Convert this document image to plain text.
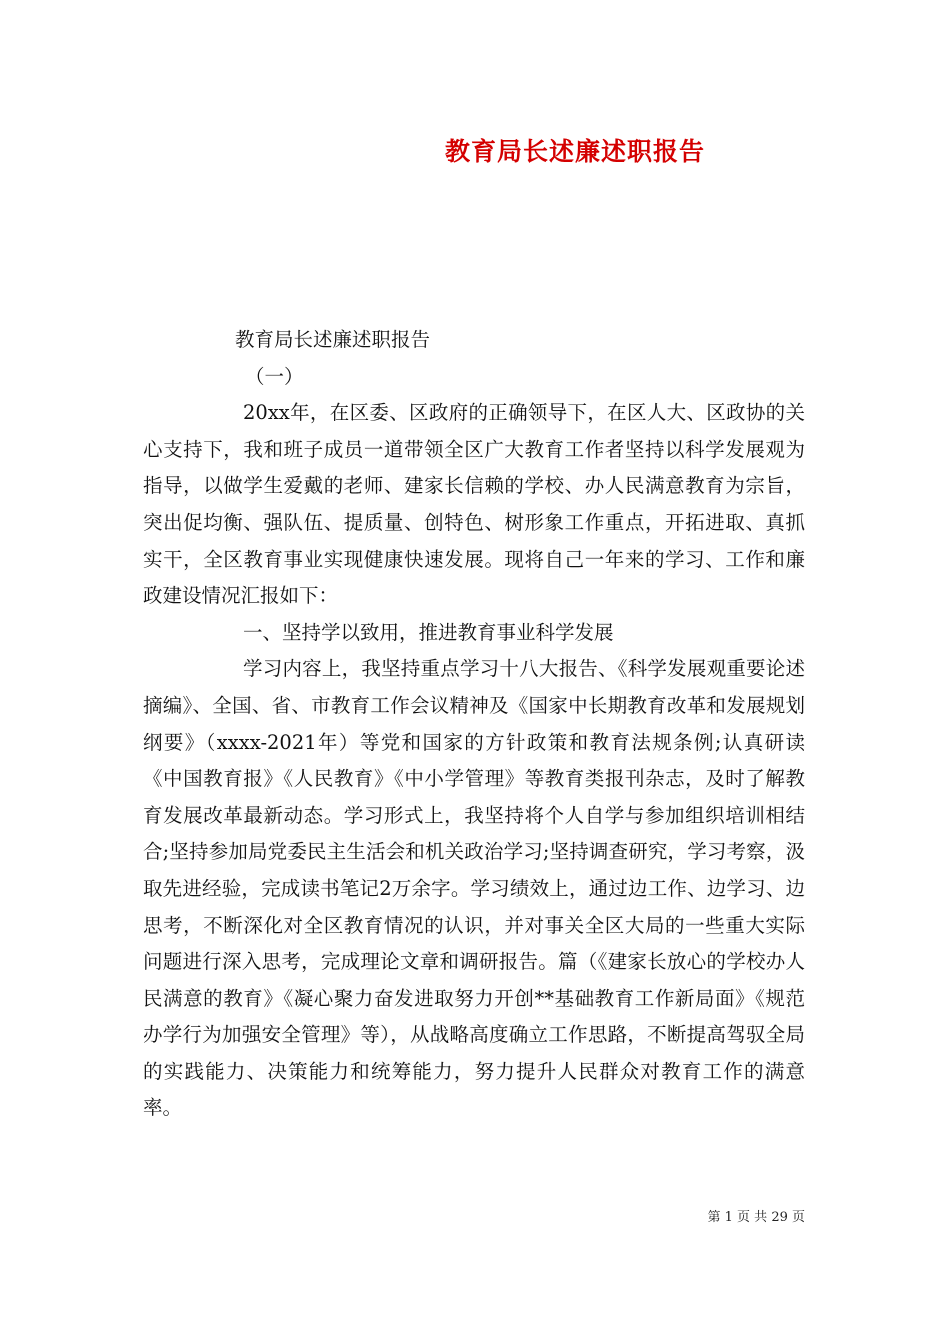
教育局长述廉述职报告

教育局长述廉述职报告

（一）

20xx年，在区委、区政府的正确领导下，在区人大、区政协的关心支持下，我和班子成员一道带领全区广大教育工作者坚持以科学发展观为指导，以做学生爱戴的老师、建家长信赖的学校、办人民满意教育为宗旨，突出促均衡、强队伍、提质量、创特色、树形象工作重点，开拓进取、真抓实干，全区教育事业实现健康快速发展。现将自己一年来的学习、工作和廉政建设情况汇报如下：

一、坚持学以致用，推进教育事业科学发展

学习内容上，我坚持重点学习十八大报告、《科学发展观重要论述摘编》、全国、省、市教育工作会议精神及《国家中长期教育改革和发展规划纲要》（xxxx-2021年）等党和国家的方针政策和教育法规条例;认真研读《中国教育报》《人民教育》《中小学管理》等教育类报刊杂志，及时了解教育发展改革最新动态。学习形式上，我坚持将个人自学与参加组织培训相结合;坚持参加局党委民主生活会和机关政治学习;坚持调查研究，学习考察，汲取先进经验，完成读书笔记2万余字。学习绩效上，通过边工作、边学习、边思考，不断深化对全区教育情况的认识，并对事关全区大局的一些重大实际问题进行深入思考，完成理论文章和调研报告。篇（《建家长放心的学校办人民满意的教育》《凝心聚力奋发进取努力开创**基础教育工作新局面》《规范办学行为加强安全管理》等），从战略高度确立工作思路，不断提高驾驭全局的实践能力、决策能力和统筹能力，努力提升人民群众对教育工作的满意率。

第 1 页 共 29 页
